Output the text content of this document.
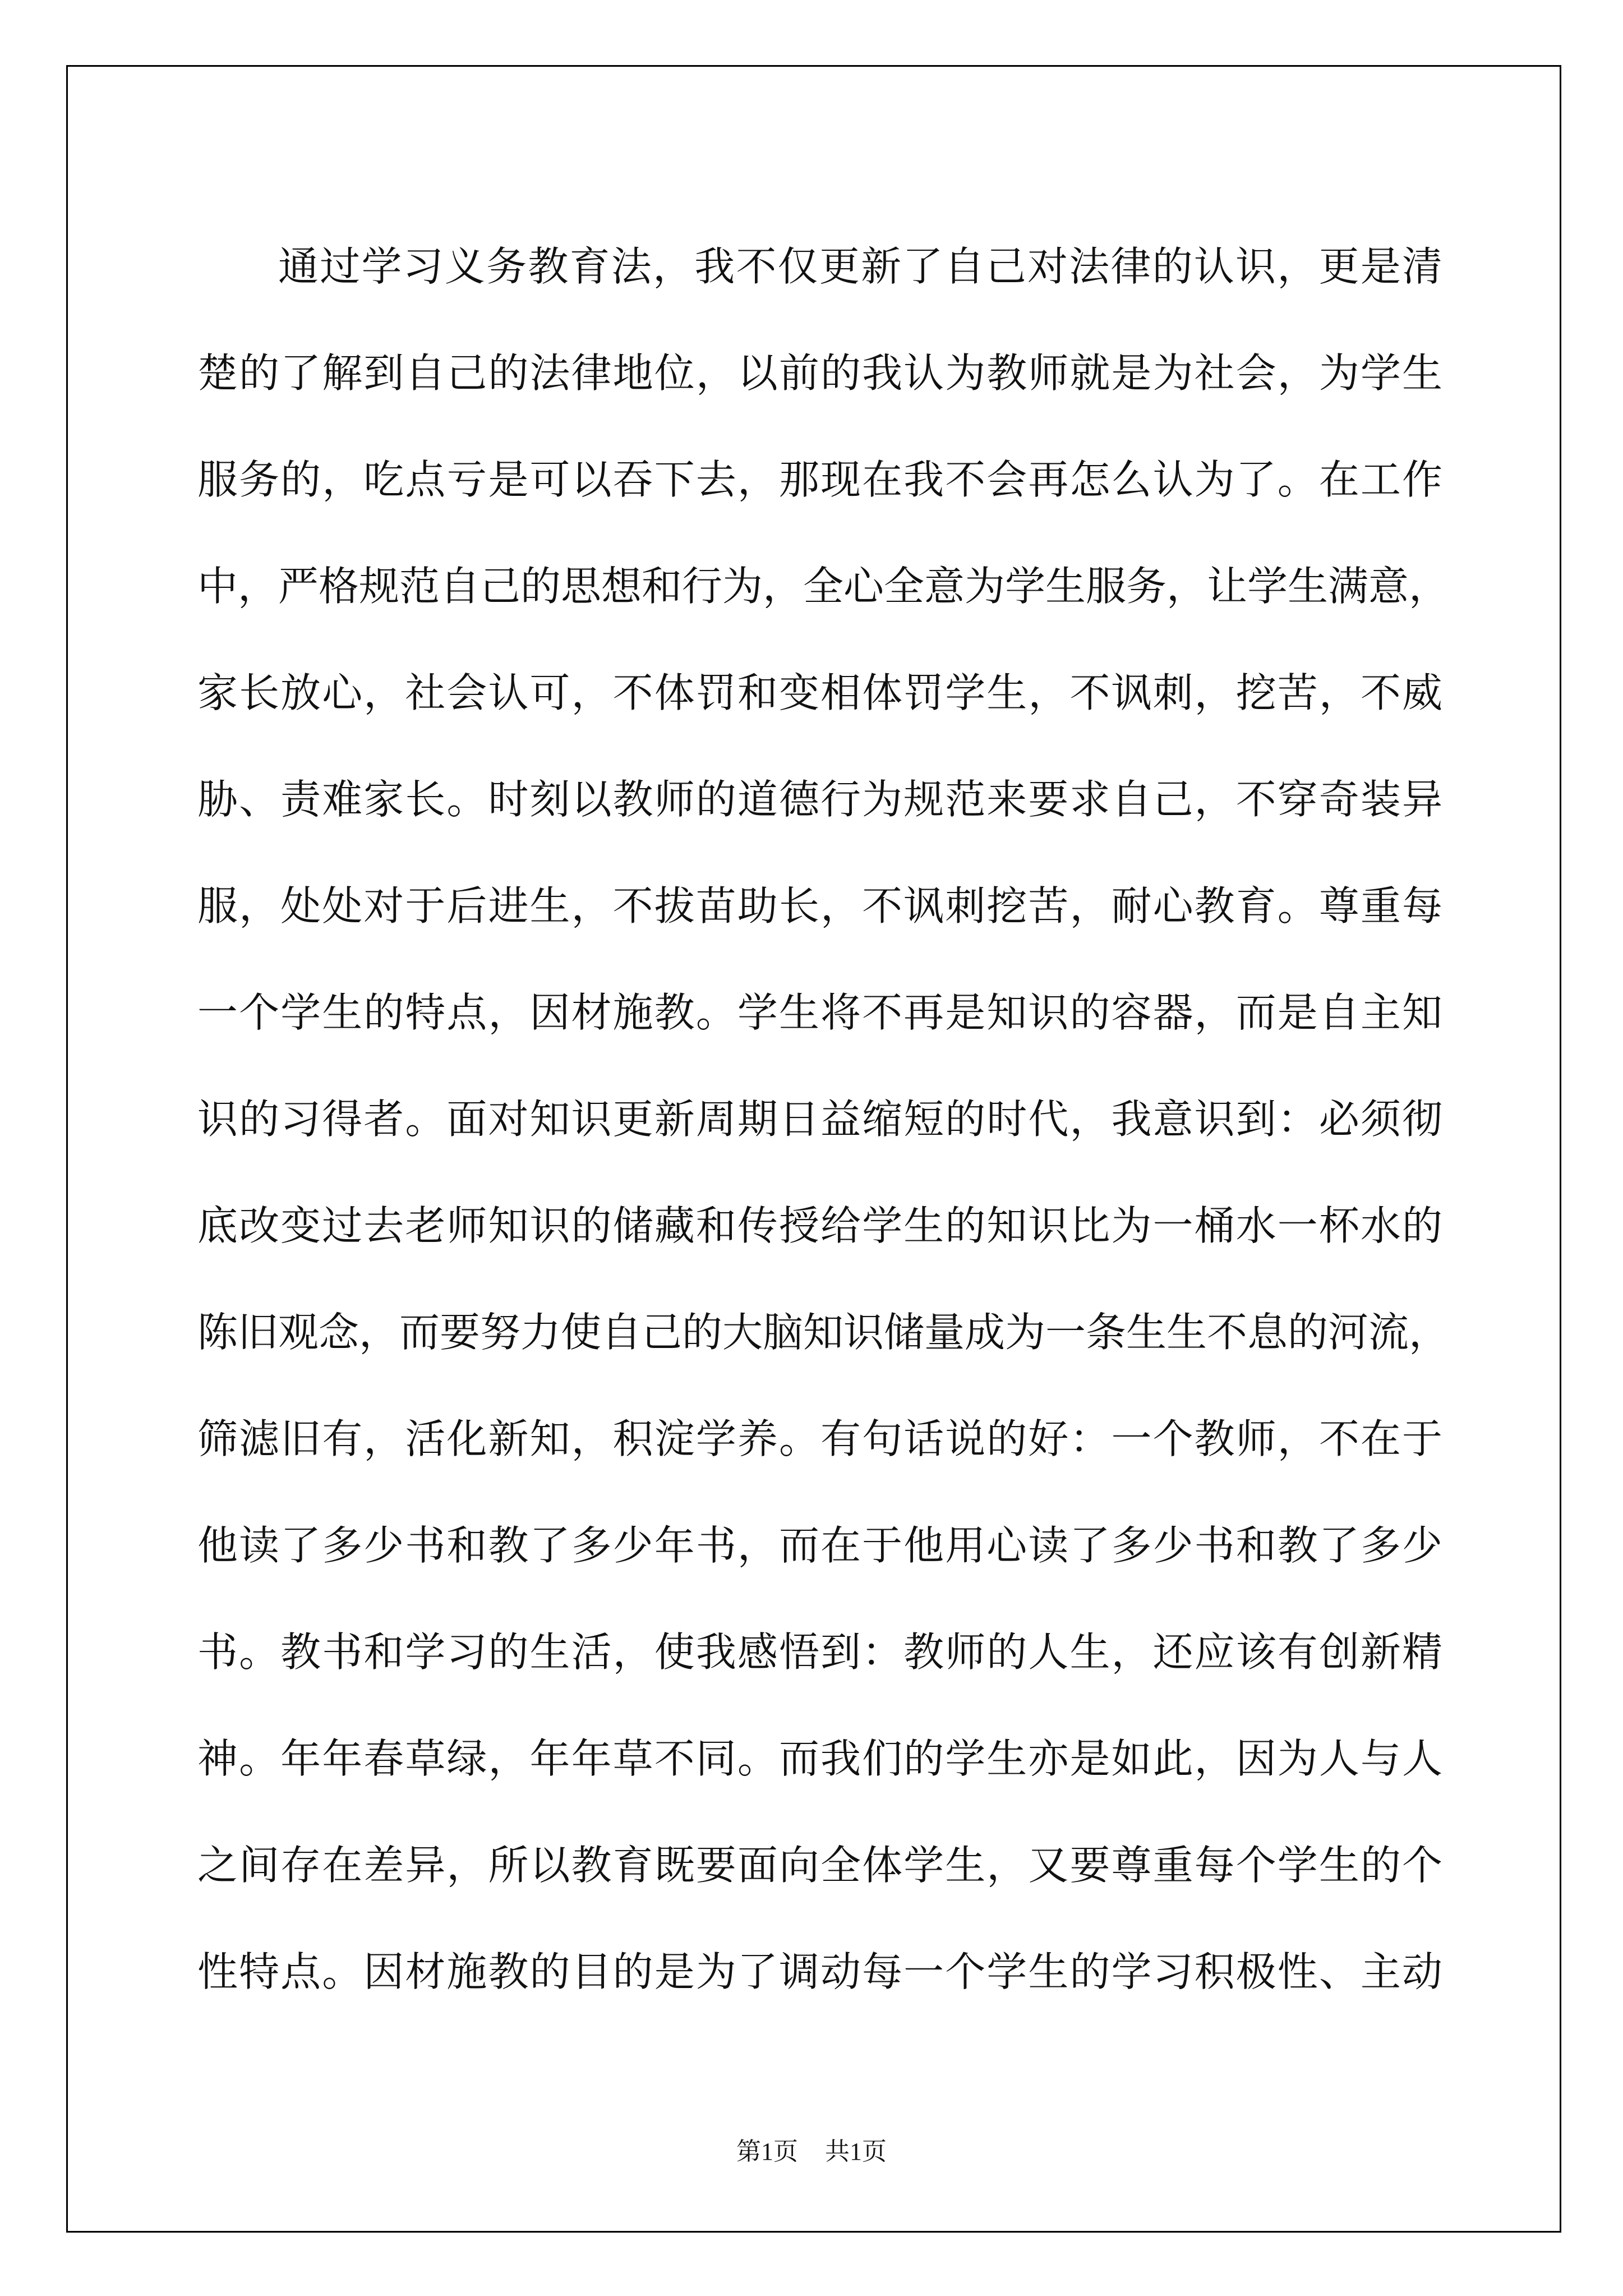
通过学习义务教育法，我不仅更新了自己对法律的认识，更是清
楚的了解到自己的法律地位，以前的我认为教师就是为社会，为学生
服务的，吃点亏是可以吞下去，那现在我不会再怎么认为了。在工作
中，严格规范自己的思想和行为，全心全意为学生服务，让学生满意，
家长放心，社会认可，不体罚和变相体罚学生，不讽刺，挖苦，不威
胁、责难家长。时刻以教师的道德行为规范来要求自己，不穿奇装异
服，处处对于后进生，不拔苗助长，不讽刺挖苦，耐心教育。尊重每
一个学生的特点，因材施教。学生将不再是知识的容器，而是自主知
识的习得者。面对知识更新周期日益缩短的时代，我意识到：必须彻
底改变过去老师知识的储藏和传授给学生的知识比为一桶水一杯水的
陈旧观念，而要努力使自己的大脑知识储量成为一条生生不息的河流，
筛滤旧有，活化新知，积淀学养。有句话说的好：一个教师，不在于
他读了多少书和教了多少年书，而在于他用心读了多少书和教了多少
书。教书和学习的生活，使我感悟到：教师的人生，还应该有创新精
神。年年春草绿，年年草不同。而我们的学生亦是如此，因为人与人
之间存在差异，所以教育既要面向全体学生，又要尊重每个学生的个
性特点。因材施教的目的是为了调动每一个学生的学习积极性、主动
第1页 共1页
